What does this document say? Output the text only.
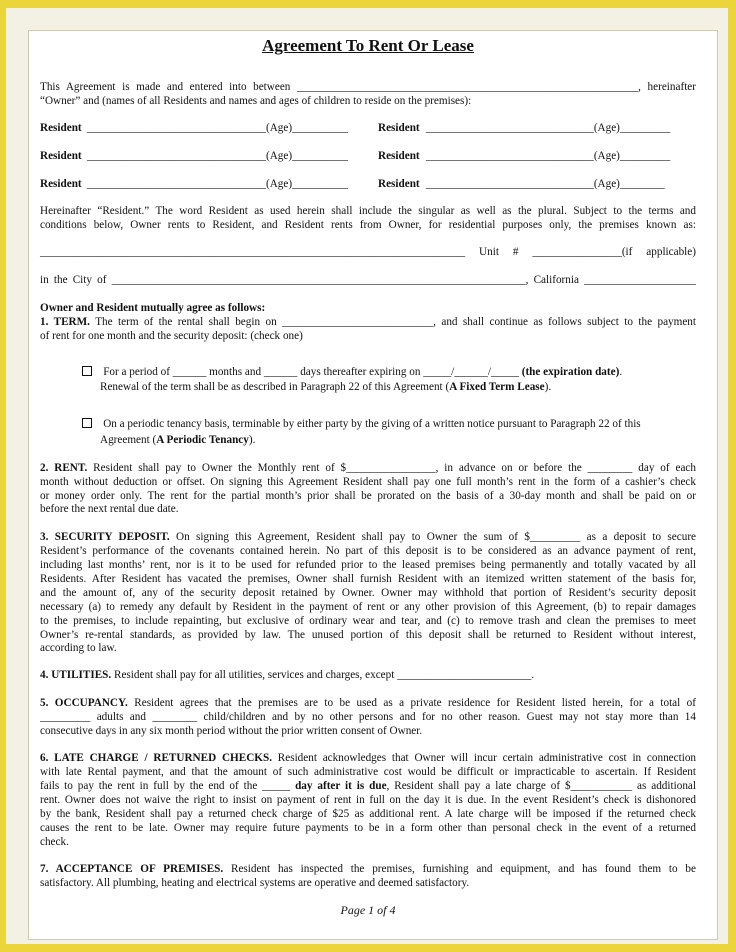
Agreement To Rent Or Lease
This Agreement is made and entered into between _____________________________________________________________, hereinafter
“Owner” and (names of all Residents and names and ages of children to reside on the premises):
Resident ________________________________(Age)__________	Resident ______________________________(Age)_________
Resident ________________________________(Age)__________	Resident ______________________________(Age)_________
Resident ________________________________(Age)__________	Resident ______________________________(Age)________
Hereinafter “Resident.” The word Resident as used herein shall include the singular as well as the plural. Subject to the terms and
conditions below, Owner rents to Resident, and Resident rents from Owner, for residential purposes only, the premises known as:
____________________________________________________________________________ Unit # ________________(if applicable)
in the City of __________________________________________________________________________, California ____________________
Owner and Resident mutually agree as follows:
1. TERM. The term of the rental shall begin on ___________________________, and shall continue as follows subject to the payment
of rent for one month and the security deposit: (check one)
For a period of ______ months and ______ days thereafter expiring on _____/______/_____ (the expiration date).
Renewal of the term shall be as described in Paragraph 22 of this Agreement (A Fixed Term Lease).
On a periodic tenancy basis, terminable by either party by the giving of a written notice pursuant to Paragraph 22 of this
Agreement (A Periodic Tenancy).
2. RENT. Resident shall pay to Owner the Monthly rent of $________________, in advance on or before the ________ day of each
month without deduction or offset. On signing this Agreement Resident shall pay one full month’s rent in the form of a cashier’s check
or money order only. The rent for the partial month’s prior shall be prorated on the basis of a 30-day month and shall be paid on or
before the next rental due date.
3. SECURITY DEPOSIT. On signing this Agreement, Resident shall pay to Owner the sum of $_________ as a deposit to secure
Resident’s performance of the covenants contained herein. No part of this deposit is to be considered as an advance payment of rent,
including last months’ rent, nor is it to be used for refunded prior to the leased premises being permanently and totally vacated by all
Residents. After Resident has vacated the premises, Owner shall furnish Resident with an itemized written statement of the basis for,
and the amount of, any of the security deposit retained by Owner. Owner may withhold that portion of Resident’s security deposit
necessary (a) to remedy any default by Resident in the payment of rent or any other provision of this Agreement, (b) to repair damages
to the premises, to include repainting, but exclusive of ordinary wear and tear, and (c) to remove trash and clean the premises to meet
Owner’s re-rental standards, as provided by law. The unused portion of this deposit shall be returned to Resident without interest,
according to law.
4. UTILITIES. Resident shall pay for all utilities, services and charges, except ________________________.
5. OCCUPANCY. Resident agrees that the premises are to be used as a private residence for Resident listed herein, for a total of
_________ adults and ________ child/children and by no other persons and for no other reason. Guest may not stay more than 14
consecutive days in any six month period without the prior written consent of Owner.
6. LATE CHARGE / RETURNED CHECKS. Resident acknowledges that Owner will incur certain administrative cost in connection
with late Rental payment, and that the amount of such administrative cost would be difficult or impracticable to ascertain. If Resident
fails to pay the rent in full by the end of the _____ day after it is due, Resident shall pay a late charge of $___________ as additional
rent. Owner does not waive the right to insist on payment of rent in full on the day it is due. In the event Resident’s check is dishonored
by the bank, Resident shall pay a returned check charge of $25 as additional rent. A late charge will be imposed if the returned check
causes the rent to be late. Owner may require future payments to be in a form other than personal check in the event of a returned
check.
7. ACCEPTANCE OF PREMISES. Resident has inspected the premises, furnishing and equipment, and has found them to be
satisfactory. All plumbing, heating and electrical systems are operative and deemed satisfactory.
Page 1 of 4
